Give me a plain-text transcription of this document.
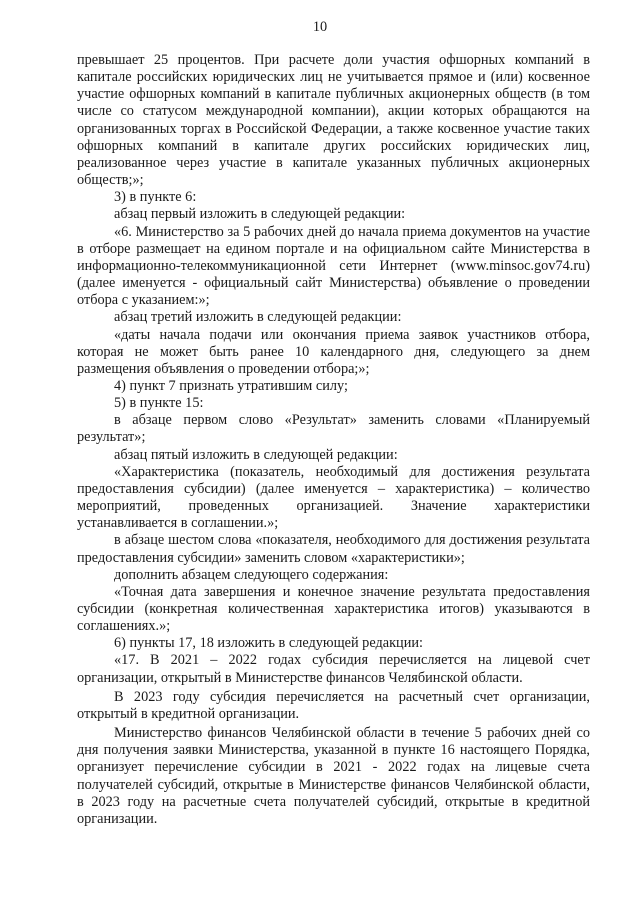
10

превышает 25 процентов. При расчете доли участия офшорных компаний в капитале российских юридических лиц не учитывается прямое и (или) косвенное участие офшорных компаний в капитале публичных акционерных обществ (в том числе со статусом международной компании), акции которых обращаются на организованных торгах в Российской Федерации, а также косвенное участие таких офшорных компаний в капитале других российских юридических лиц, реализованное через участие в капитале указанных публичных акционерных обществ;»;

3) в пункте 6:

абзац первый изложить в следующей редакции:

«6. Министерство за 5 рабочих дней до начала приема документов на участие в отборе размещает на едином портале и на официальном сайте Министерства в информационно-телекоммуникационной сети Интернет (www.minsoc.gov74.ru) (далее именуется - официальный сайт Министерства) объявление о проведении отбора с указанием:»;

абзац третий изложить в следующей редакции:

«даты начала подачи или окончания приема заявок участников отбора, которая не может быть ранее 10 календарного дня, следующего за днем размещения объявления о проведении отбора;»;

4) пункт 7 признать утратившим силу;

5) в пункте 15:

в абзаце первом слово «Результат» заменить словами «Планируемый результат»;

абзац пятый изложить в следующей редакции:

«Характеристика (показатель, необходимый для достижения результата предоставления субсидии) (далее именуется – характеристика) – количество мероприятий, проведенных организацией. Значение характеристики устанавливается в соглашении.»;

в абзаце шестом слова «показателя, необходимого для достижения результата предоставления субсидии» заменить словом «характеристики»;

дополнить абзацем следующего содержания:

«Точная дата завершения и конечное значение результата предоставления субсидии (конкретная количественная характеристика итогов) указываются в соглашениях.»;

6) пункты 17, 18 изложить в следующей редакции:

«17. В 2021 – 2022 годах субсидия перечисляется на лицевой счет организации, открытый в Министерстве финансов Челябинской области.

В 2023 году субсидия перечисляется на расчетный счет организации, открытый в кредитной организации.

Министерство финансов Челябинской области в течение 5 рабочих дней со дня получения заявки Министерства, указанной в пункте 16 настоящего Порядка, организует перечисление субсидии в 2021 - 2022 годах на лицевые счета получателей субсидий, открытые в Министерстве финансов Челябинской области, в 2023 году на расчетные счета получателей субсидий, открытые в кредитной организации.
